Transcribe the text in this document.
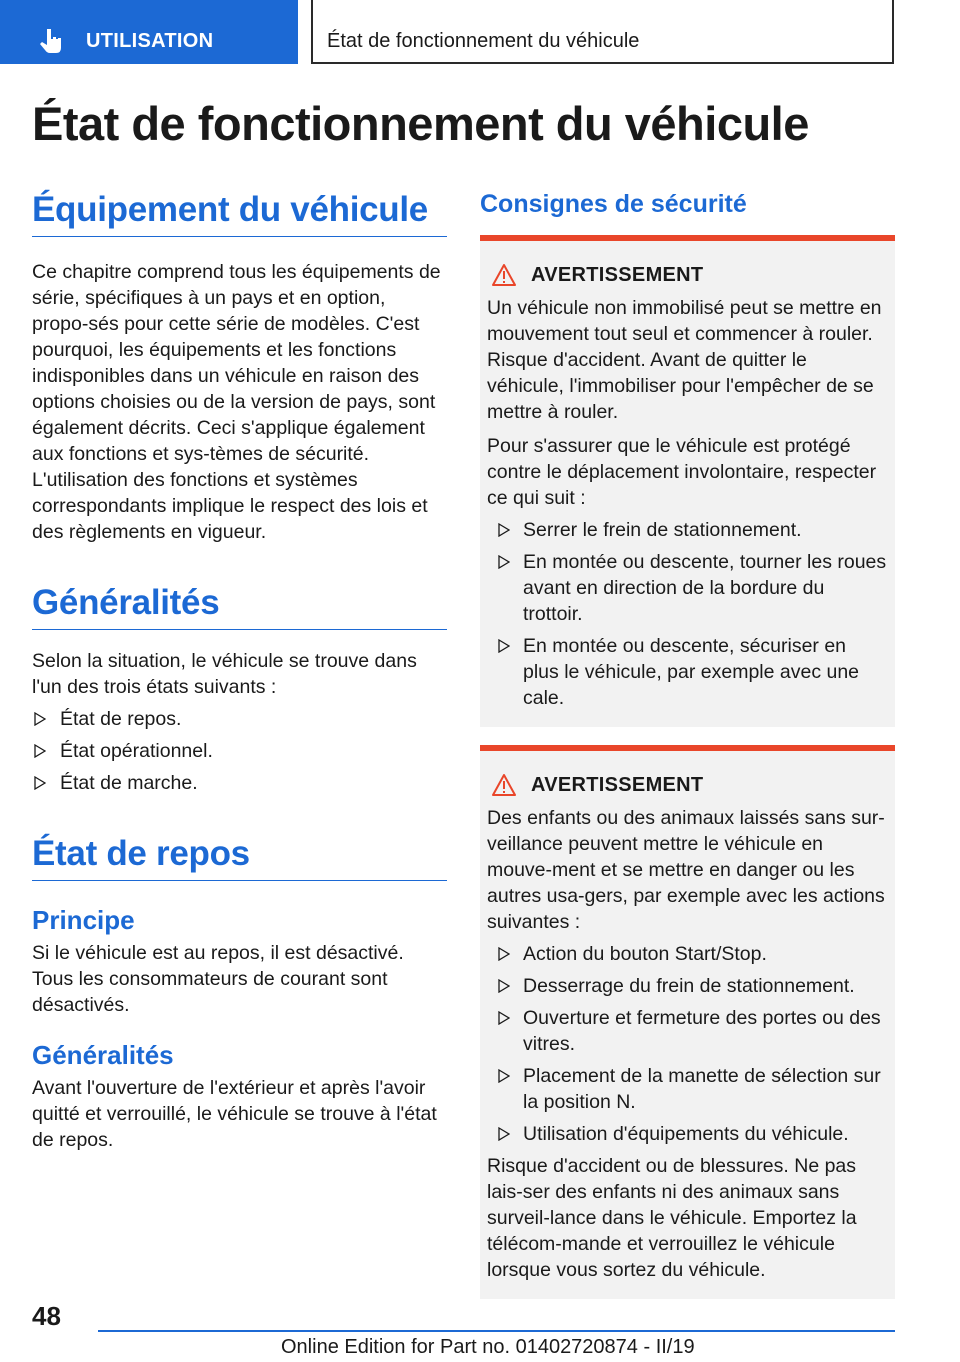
UTILISATION	État de fonctionnement du véhicule
État de fonctionnement du véhicule
Équipement du véhicule

Ce chapitre comprend tous les équipements de série, spécifiques à un pays et en option, propo-sés pour cette série de modèles. C'est pourquoi, les équipements et les fonctions indisponibles dans un véhicule en raison des options choisies ou de la version de pays, sont également décrits. Ceci s'applique également aux fonctions et sys-tèmes de sécurité. L'utilisation des fonctions et systèmes correspondants implique le respect des lois et des règlements en vigueur.

Généralités

Selon la situation, le véhicule se trouve dans l'un des trois états suivants :

État de repos.
État opérationnel.
État de marche.
État de repos
Principe

Si le véhicule est au repos, il est désactivé. Tous les consommateurs de courant sont désactivés.

Généralités

Avant l'ouverture de l'extérieur et après l'avoir quitté et verrouillé, le véhicule se trouve à l'état de repos.

Consignes de sécurité
AVERTISSEMENT

Un véhicule non immobilisé peut se mettre en mouvement tout seul et commencer à rouler. Risque d'accident. Avant de quitter le véhicule, l'immobiliser pour l'empêcher de se mettre à rouler.

Pour s'assurer que le véhicule est protégé contre le déplacement involontaire, respecter ce qui suit :

Serrer le frein de stationnement.
En montée ou descente, tourner les roues avant en direction de la bordure du trottoir.
En montée ou descente, sécuriser en plus le véhicule, par exemple avec une cale.
AVERTISSEMENT

Des enfants ou des animaux laissés sans sur-veillance peuvent mettre le véhicule en mouve-ment et se mettre en danger ou les autres usa-gers, par exemple avec les actions suivantes :

Action du bouton Start/Stop.
Desserrage du frein de stationnement.
Ouverture et fermeture des portes ou des vitres.
Placement de la manette de sélection sur la position N.
Utilisation d'équipements du véhicule.

Risque d'accident ou de blessures. Ne pas lais-ser des enfants ni des animaux sans surveil-lance dans le véhicule. Emportez la télécom-mande et verrouillez le véhicule lorsque vous sortez du véhicule.

48
Online Edition for Part no. 01402720874 - II/19
